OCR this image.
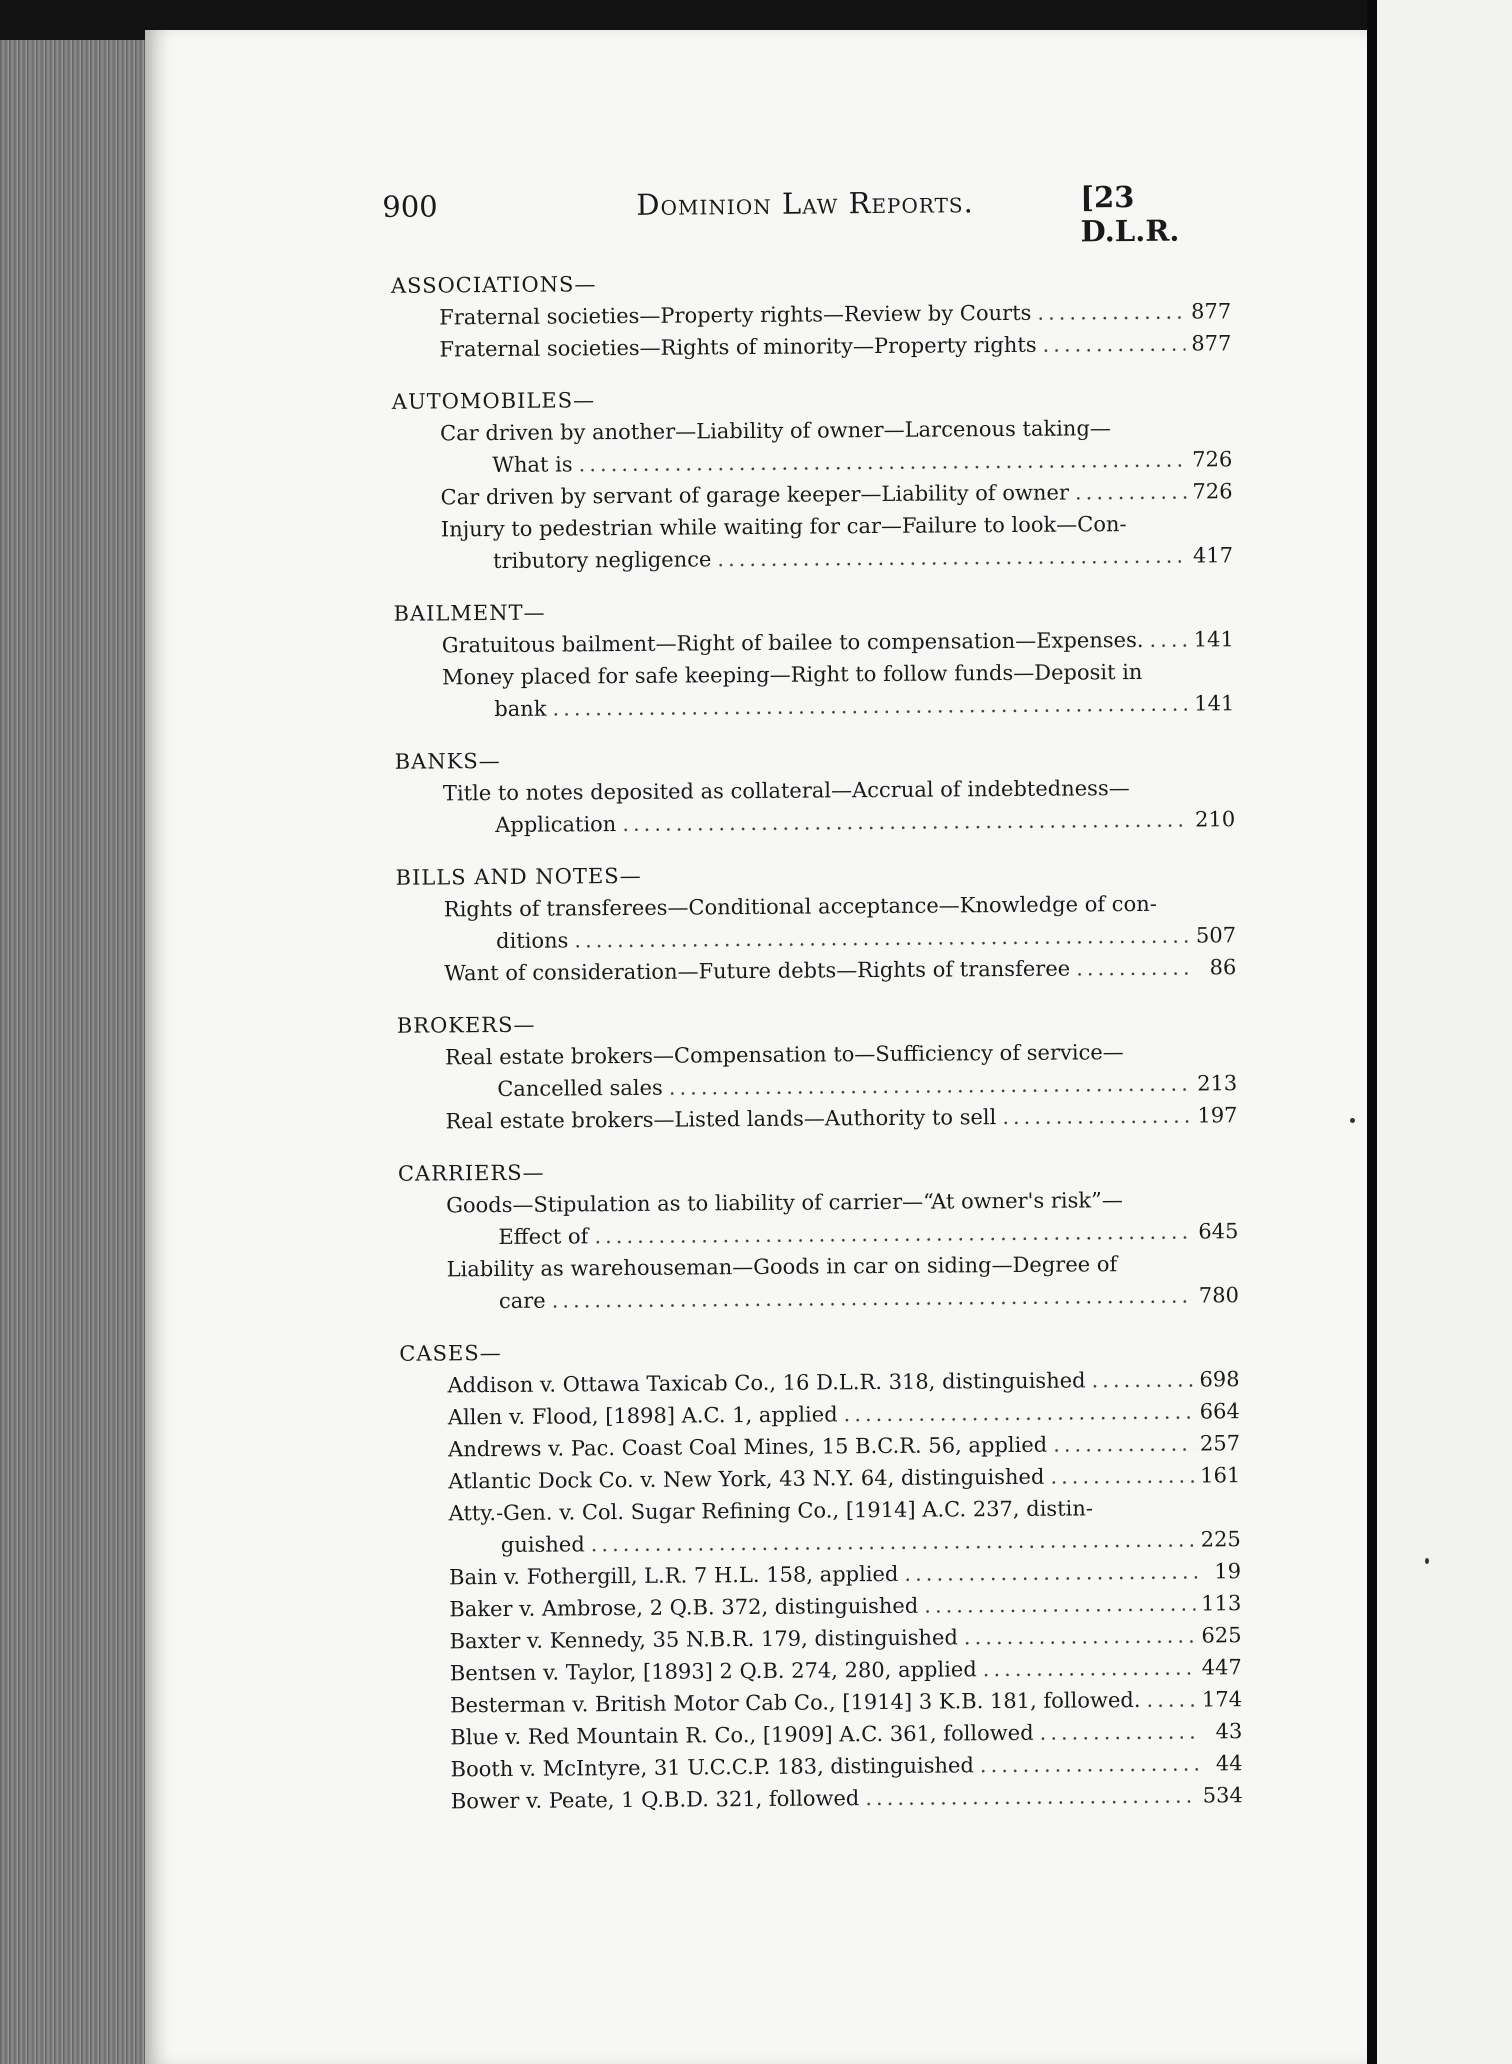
900	Dominion Law Reports.	[23 D.L.R.
ASSOCIATIONS—
Fraternal societies—Property rights—Review by Courts .....	877
Fraternal societies—Rights of minority—Property rights .....	877
AUTOMOBILES—
Car driven by another—Liability of owner—Larcenous taking—
What is .....	726
Car driven by servant of garage keeper—Liability of owner .....	726
Injury to pedestrian while waiting for car—Failure to look—Con-
tributory negligence .....	417
BAILMENT—
Gratuitous bailment—Right of bailee to compensation—Expenses. ..... 141
Money placed for safe keeping—Right to follow funds—Deposit in
bank .....	141
BANKS—
Title to notes deposited as collateral—Accrual of indebtedness—
Application .....	210
BILLS AND NOTES—
Rights of transferees—Conditional acceptance—Knowledge of con-
ditions .....	507
Want of consideration—Future debts—Rights of transferee .....	86
BROKERS—
Real estate brokers—Compensation to—Sufficiency of service—
Cancelled sales .....	213
Real estate brokers—Listed lands—Authority to sell .....	197
CARRIERS—
Goods—Stipulation as to liability of carrier—“At owner's risk”—
Effect of .....	645
Liability as warehouseman—Goods in car on siding—Degree of
care .....	780
CASES—
Addison v. Ottawa Taxicab Co., 16 D.L.R. 318, distinguished .....	698
Allen v. Flood, [1898] A.C. 1, applied .....	664
Andrews v. Pac. Coast Coal Mines, 15 B.C.R. 56, applied .....	257
Atlantic Dock Co. v. New York, 43 N.Y. 64, distinguished .....	161
Atty.-Gen. v. Col. Sugar Refining Co., [1914] A.C. 237, distin-
guished .....	225
Bain v. Fothergill, L.R. 7 H.L. 158, applied .....	19
Baker v. Ambrose, 2 Q.B. 372, distinguished .....	113
Baxter v. Kennedy, 35 N.B.R. 179, distinguished .....	625
Bentsen v. Taylor, [1893] 2 Q.B. 274, 280, applied .....	447
Besterman v. British Motor Cab Co., [1914] 3 K.B. 181, followed. .....	174
Blue v. Red Mountain R. Co., [1909] A.C. 361, followed .....	43
Booth v. McIntyre, 31 U.C.C.P. 183, distinguished .....	44
Bower v. Peate, 1 Q.B.D. 321, followed .....	534
